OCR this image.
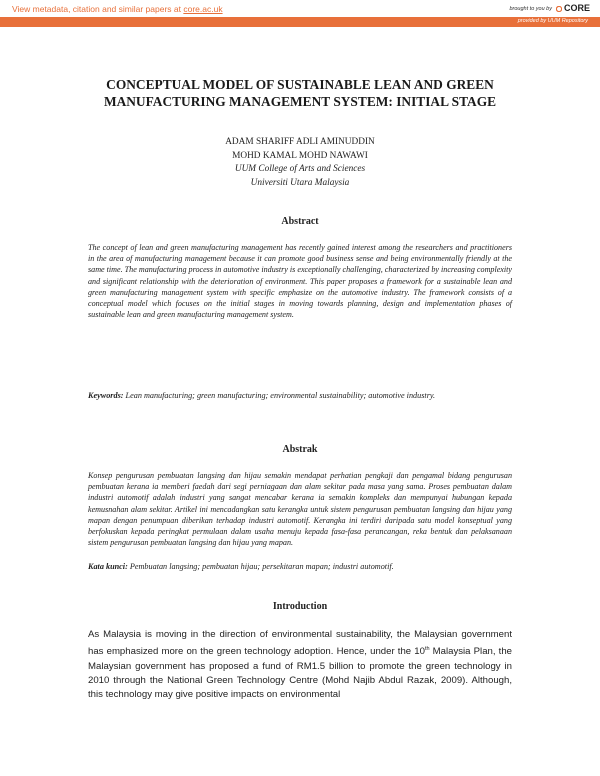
View metadata, citation and similar papers at core.ac.uk	brought to you by	CORE
provided by UUM Repository
CONCEPTUAL MODEL OF SUSTAINABLE LEAN AND GREEN
MANUFACTURING MANAGEMENT SYSTEM: INITIAL STAGE
ADAM SHARIFF ADLI AMINUDDIN
MOHD KAMAL MOHD NAWAWI
UUM College of Arts and Sciences
Universiti Utara Malaysia
Abstract
The concept of lean and green manufacturing management has recently gained interest among the researchers and practitioners in the area of manufacturing management because it can promote good business sense and being environmentally friendly at the same time. The manufacturing process in automotive industry is exceptionally challenging, characterized by increasing complexity and significant relationship with the deterioration of environment. This paper proposes a framework for a sustainable lean and green manufacturing management system with specific emphasize on the automotive industry. The framework consists of a conceptual model which focuses on the initial stages in moving towards planning, design and implementation phases of sustainable lean and green manufacturing management system.
Keywords: Lean manufacturing; green manufacturing; environmental sustainability; automotive industry.
Abstrak
Konsep pengurusan pembuatan langsing dan hijau semakin mendapat perhatian pengkaji dan pengamal bidang pengurusan pembuatan kerana ia memberi faedah dari segi perniagaan dan alam sekitar pada masa yang sama. Proses pembuatan dalam industri automotif adalah industri yang sangat mencabar kerana ia semakin kompleks dan mempunyai hubungan kepada kemusnahan alam sekitar. Artikel ini mencadangkan satu kerangka untuk sistem pengurusan pembuatan langsing dan hijau yang mapan dengan penumpuan diberikan terhadap industri automotif. Kerangka ini terdiri daripada satu model konseptual yang berfokuskan kepada peringkat permulaan dalam usaha menuju kepada fasa-fasa perancangan, reka bentuk dan pelaksanaan sistem pengurusan pembuatan langsing dan hijau yang mapan.
Kata kunci: Pembuatan langsing; pembuatan hijau; persekitaran mapan; industri automotif.
Introduction
As Malaysia is moving in the direction of environmental sustainability, the Malaysian government has emphasized more on the green technology adoption. Hence, under the 10th Malaysia Plan, the Malaysian government has proposed a fund of RM1.5 billion to promote the green technology in 2010 through the National Green Technology Centre (Mohd Najib Abdul Razak, 2009). Although, this technology may give positive impacts on environmental
